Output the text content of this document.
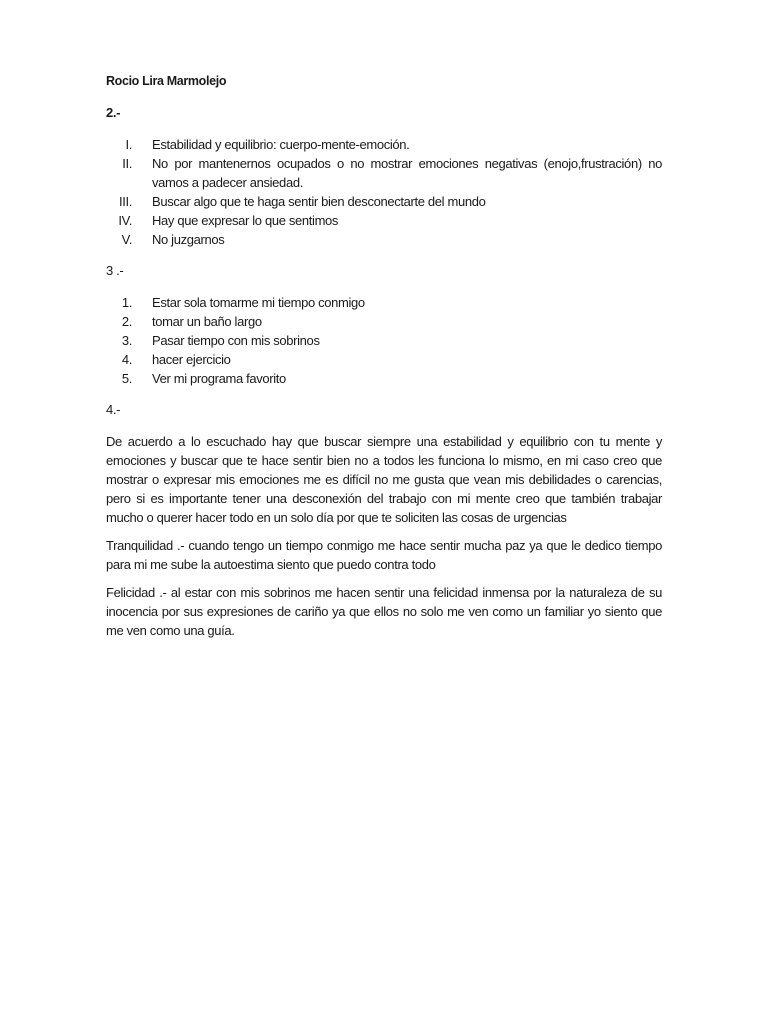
Rocio Lira Marmolejo

2.-

I. Estabilidad y equilibrio: cuerpo-mente-emoción.
II. No por mantenernos ocupados o no mostrar emociones negativas (enojo,frustración) no vamos a padecer ansiedad.
III. Buscar algo que te haga sentir bien desconectarte del mundo
IV. Hay que expresar lo que sentimos
V. No juzgarnos

3 .-

1. Estar sola tomarme mi tiempo conmigo
2. tomar un baño largo
3. Pasar tiempo con mis sobrinos
4. hacer ejercicio
5. Ver mi programa favorito

4.-

De acuerdo a lo escuchado hay que buscar siempre una estabilidad y equilibrio con tu mente y emociones y buscar que te hace sentir bien no a todos les funciona lo mismo, en mi caso creo que mostrar o expresar mis emociones me es difícil no me gusta que vean mis debilidades o carencias, pero si es importante tener una desconexión del trabajo con mi mente creo que también trabajar mucho o querer hacer todo en un solo día por que te soliciten las cosas de urgencias

Tranquilidad .- cuando tengo un tiempo conmigo me hace sentir mucha paz ya que le dedico tiempo para mi me sube la autoestima siento que puedo contra todo

Felicidad .- al estar con mis sobrinos me hacen sentir una felicidad inmensa por la naturaleza de su inocencia por sus expresiones de cariño ya que ellos no solo me ven como un familiar yo siento que me ven como una guía.
